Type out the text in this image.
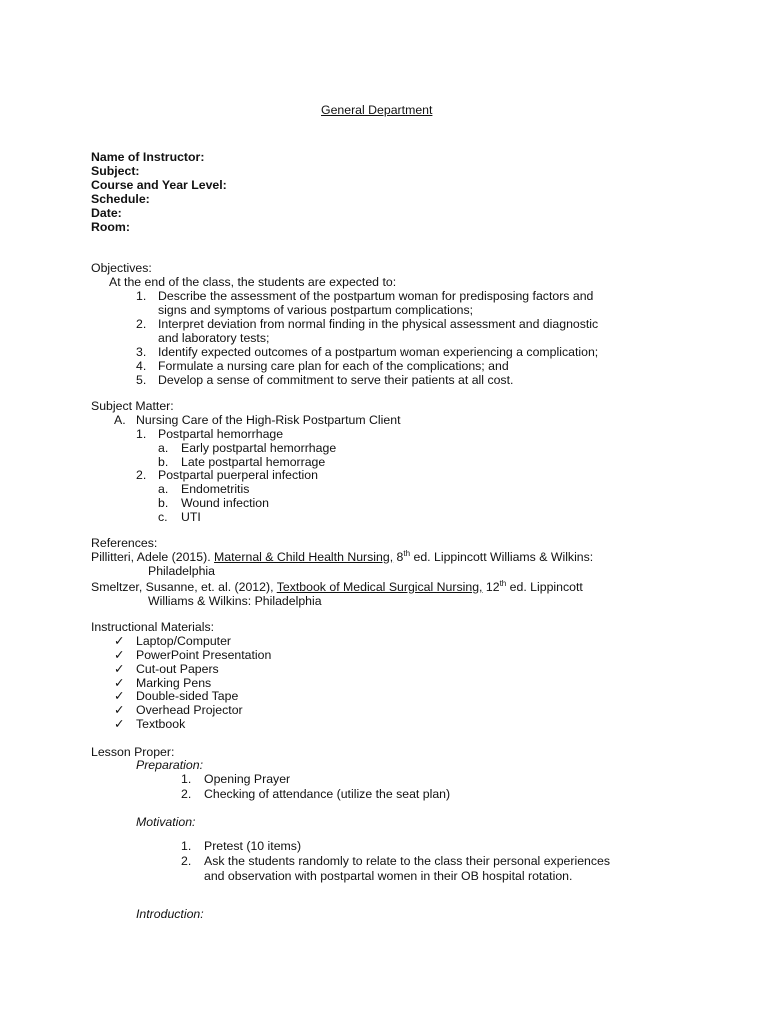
General Department
Name of Instructor:
Subject:
Course and Year Level:
Schedule:
Date:
Room:
Objectives:
At the end of the class, the students are expected to:
1. Describe the assessment of the postpartum woman for predisposing factors and
signs and symptoms of various postpartum complications;
2. Interpret deviation from normal finding in the physical assessment and diagnostic
and laboratory tests;
3. Identify expected outcomes of a postpartum woman experiencing a complication;
4. Formulate a nursing care plan for each of the complications; and
5. Develop a sense of commitment to serve their patients at all cost.
Subject Matter:
A. Nursing Care of the High-Risk Postpartum Client
1. Postpartal hemorrhage
a. Early postpartal hemorrhage
b. Late postpartal hemorrage
2. Postpartal puerperal infection
a. Endometritis
b. Wound infection
c. UTI
References:
Pillitteri, Adele (2015). Maternal & Child Health Nursing, 8th ed. Lippincott Williams & Wilkins:
Philadelphia
Smeltzer, Susanne, et. al. (2012), Textbook of Medical Surgical Nursing, 12th ed. Lippincott
Williams & Wilkins: Philadelphia
Instructional Materials:
✓ Laptop/Computer
✓ PowerPoint Presentation
✓ Cut-out Papers
✓ Marking Pens
✓ Double-sided Tape
✓ Overhead Projector
✓ Textbook
Lesson Proper:
Preparation:
1. Opening Prayer
2. Checking of attendance (utilize the seat plan)
Motivation:
1. Pretest (10 items)
2. Ask the students randomly to relate to the class their personal experiences
and observation with postpartal women in their OB hospital rotation.
Introduction:
